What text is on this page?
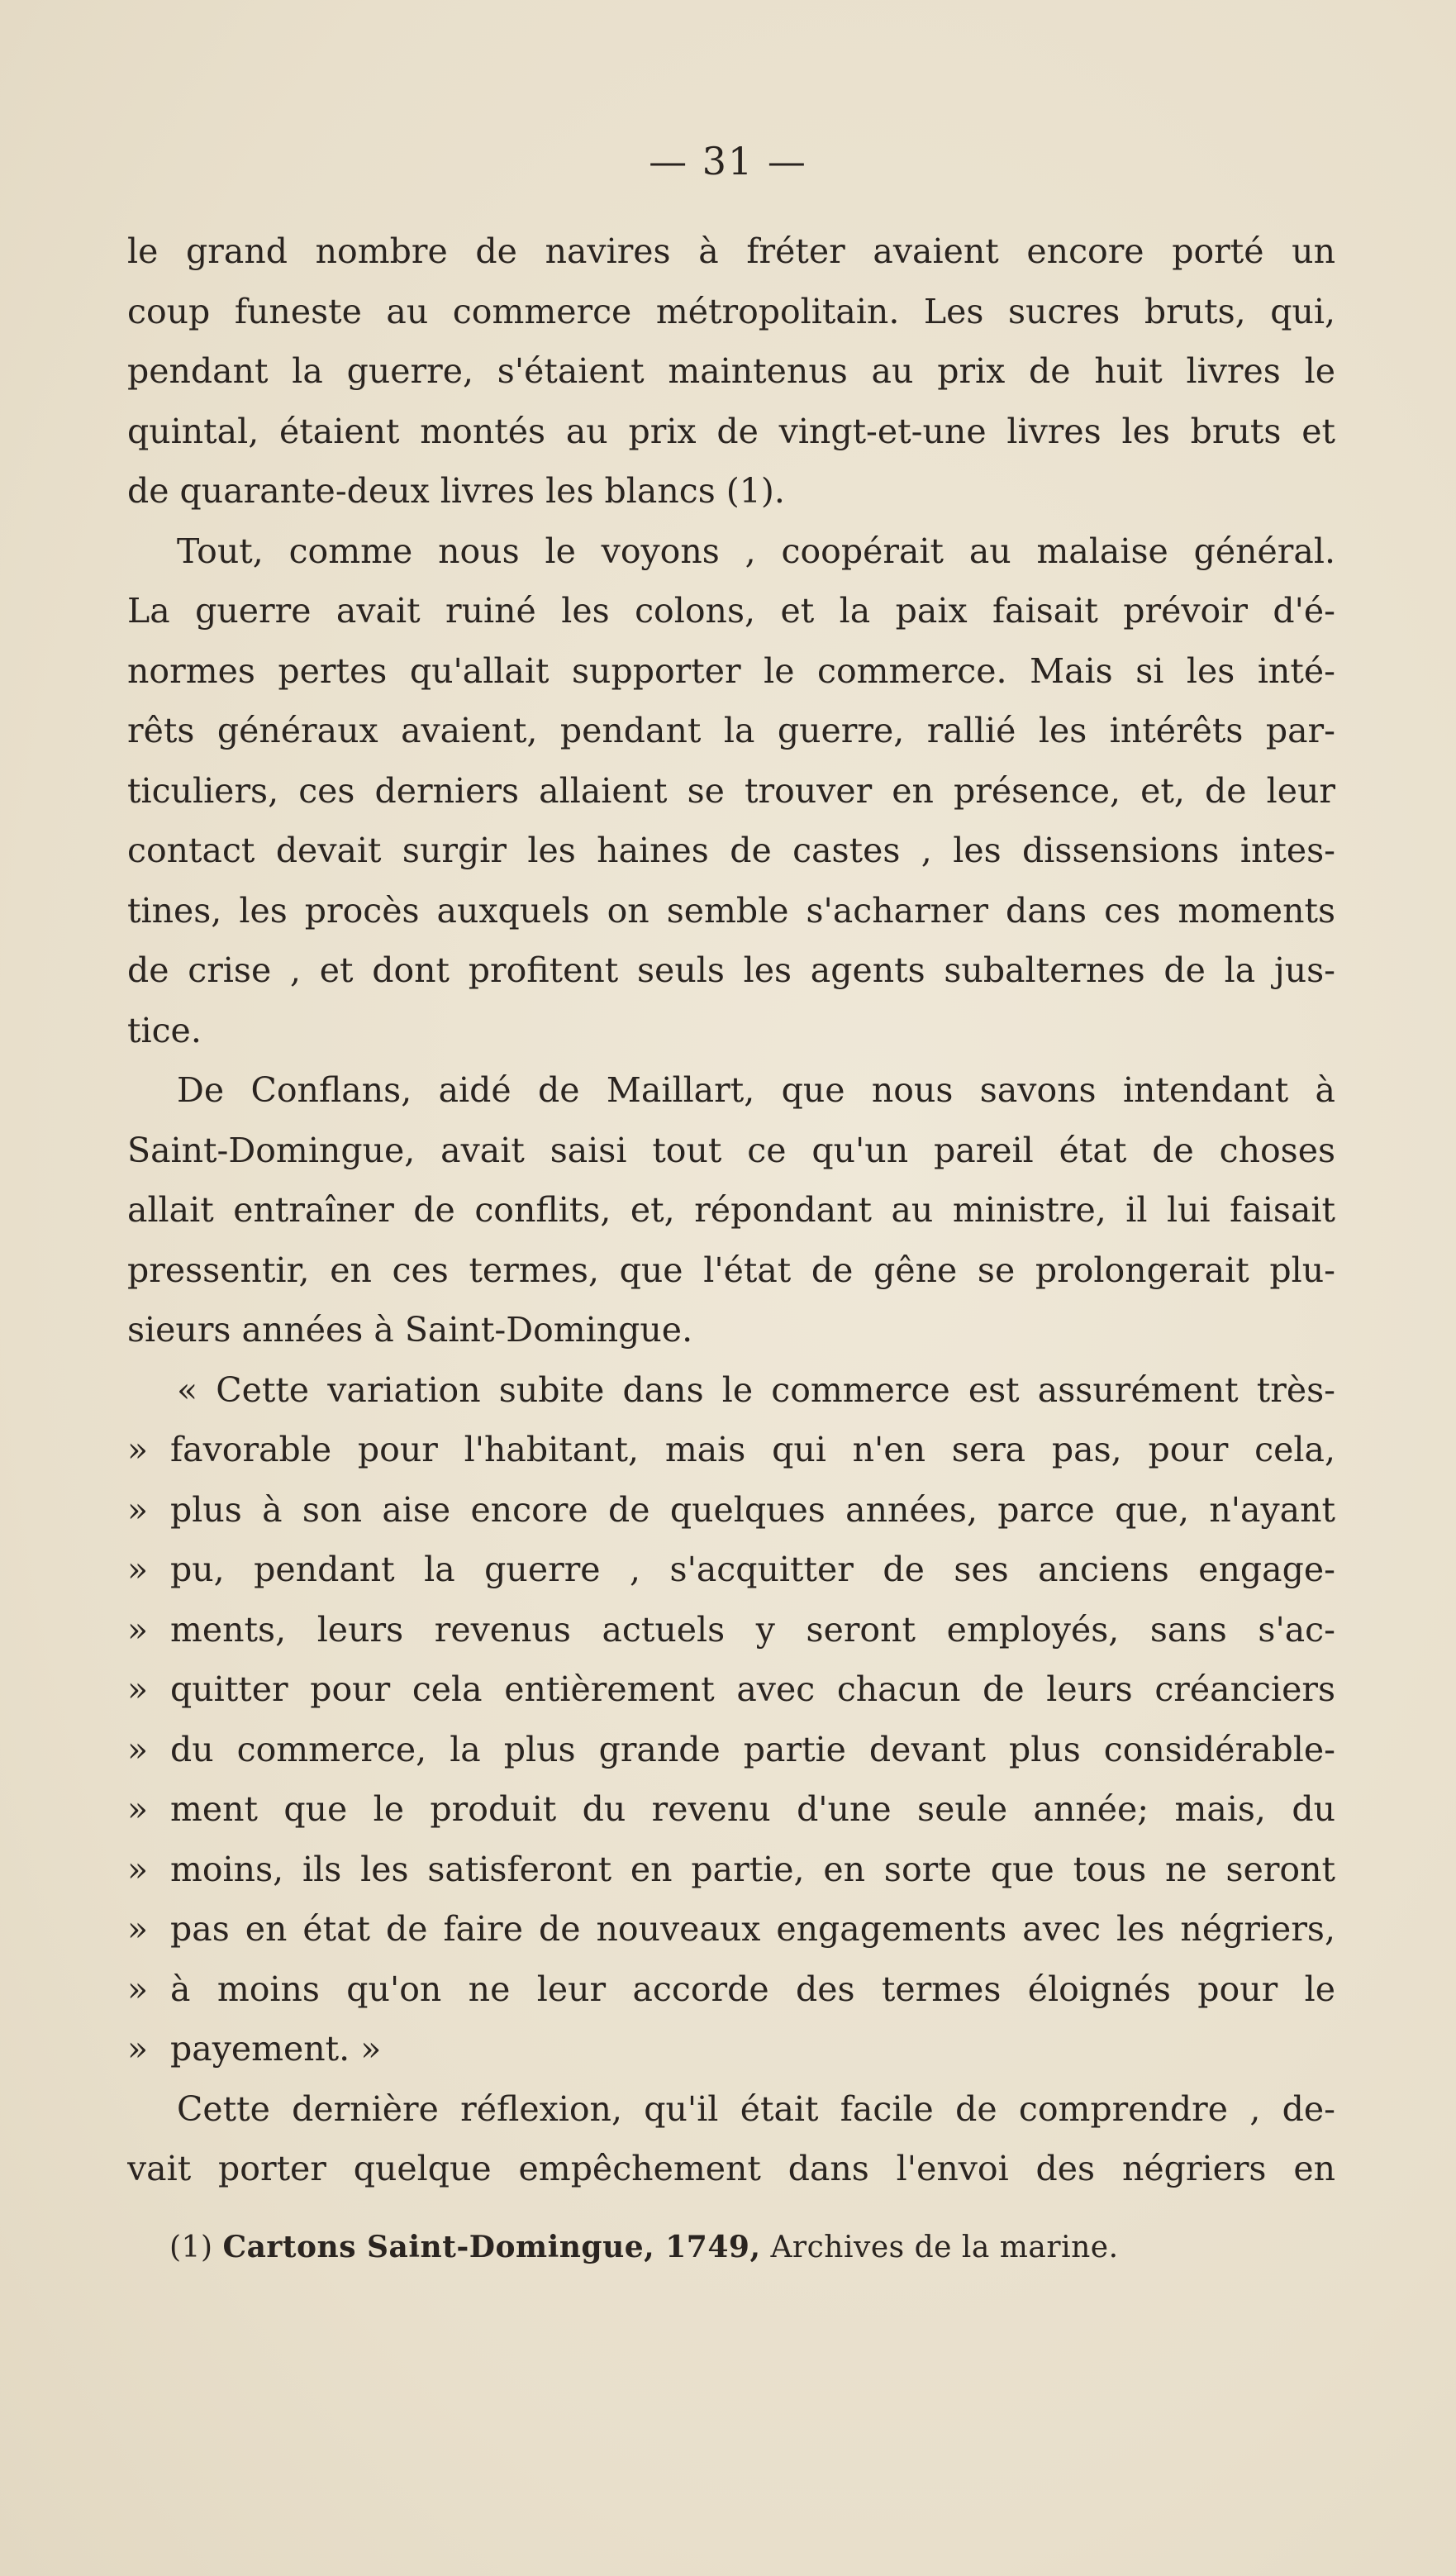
— 31 —
le grand nombre de navires à fréter avaient encore porté un
coup funeste au commerce métropolitain. Les sucres bruts, qui,
pendant la guerre, s'étaient maintenus au prix de huit livres le
quintal, étaient montés au prix de vingt-et-une livres les bruts et
de quarante-deux livres les blancs (1).
Tout, comme nous le voyons , coopérait au malaise général.
La guerre avait ruiné les colons, et la paix faisait prévoir d'é-
normes pertes qu'allait supporter le commerce. Mais si les inté-
rêts généraux avaient, pendant la guerre, rallié les intérêts par-
ticuliers, ces derniers allaient se trouver en présence, et, de leur
contact devait surgir les haines de castes , les dissensions intes-
tines, les procès auxquels on semble s'acharner dans ces moments
de crise , et dont profitent seuls les agents subalternes de la jus-
tice.
De Conflans, aidé de Maillart, que nous savons intendant à
Saint-Domingue, avait saisi tout ce qu'un pareil état de choses
allait entraîner de conflits, et, répondant au ministre, il lui faisait
pressentir, en ces termes, que l'état de gêne se prolongerait plu-
sieurs années à Saint-Domingue.
« Cette variation subite dans le commerce est assurément très-
» favorable pour l'habitant, mais qui n'en sera pas, pour cela,
» plus à son aise encore de quelques années, parce que, n'ayant
» pu, pendant la guerre , s'acquitter de ses anciens engage-
» ments, leurs revenus actuels y seront employés, sans s'ac-
» quitter pour cela entièrement avec chacun de leurs créanciers
» du commerce, la plus grande partie devant plus considérable-
» ment que le produit du revenu d'une seule année; mais, du
» moins, ils les satisferont en partie, en sorte que tous ne seront
» pas en état de faire de nouveaux engagements avec les négriers,
» à moins qu'on ne leur accorde des termes éloignés pour le
» payement. »
Cette dernière réflexion, qu'il était facile de comprendre , de-
vait porter quelque empêchement dans l'envoi des négriers en
(1) Cartons Saint-Domingue, 1749, Archives de la marine.
